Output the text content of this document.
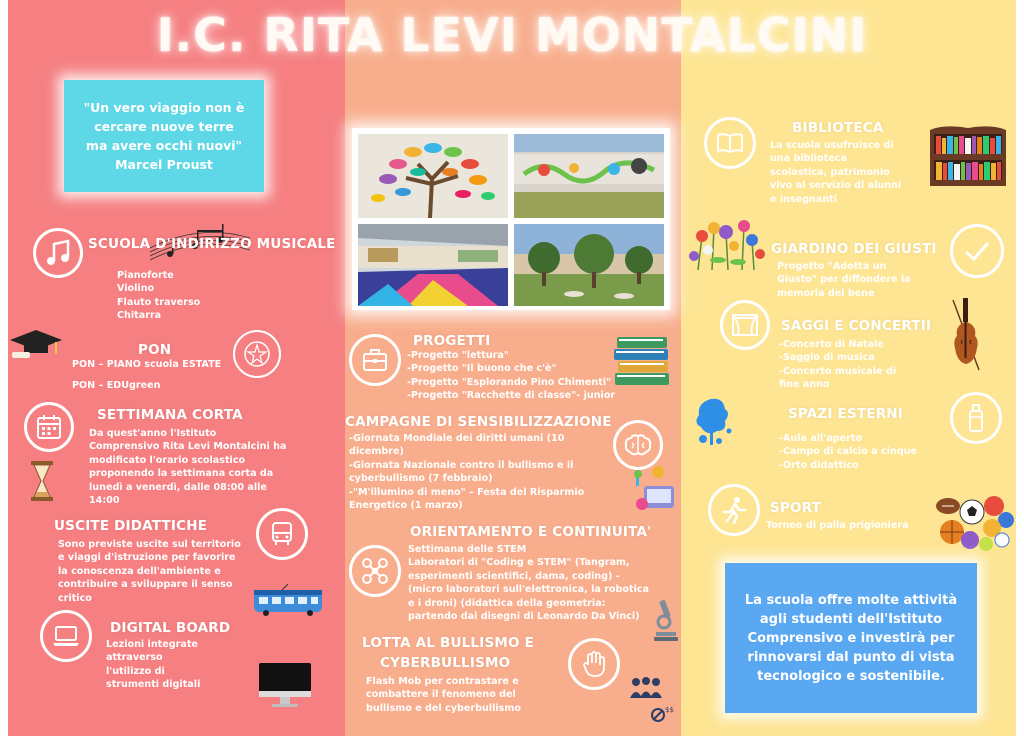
I.C. RITA LEVI MONTALCINI
"Un vero viaggio non è
cercare nuove terre
ma avere occhi nuovi"
Marcel Proust
SCUOLA D'INDIRIZZO MUSICALE
Pianoforte
Violino
Flauto traverso
Chitarra
PON
PON – PIANO scuola ESTATE
PON – EDUgreen
SETTIMANA CORTA
Da quest'anno l'Istituto
Comprensivo Rita Levi Montalcini ha
modificato l'orario scolastico
proponendo la settimana corta da
lunedì a venerdì, dalle 08:00 alle
14:00
USCITE DIDATTICHE
Sono previste uscite sul territorio
e viaggi d'istruzione per favorire
la conoscenza dell'ambiente e
contribuire a sviluppare il senso
critico
DIGITAL BOARD
Lezioni integrate
attraverso
l'utilizzo di
strumenti digitali
PROGETTI
-Progetto "lettura"
-Progetto "Il buono che c'è"
-Progetto "Esplorando Pino Chimenti"
-Progetto "Racchette di classe"- junior
CAMPAGNE DI SENSIBILIZZAZIONE
-Giornata Mondiale dei diritti umani (10
dicembre)
-Giornata Nazionale contro il bullismo e il
cyberbullismo (7 febbraio)
-"M'illumino di meno" – Festa del Risparmio
Energetico (1 marzo)
ORIENTAMENTO E CONTINUITA'
Settimana delle STEM
Laboratori di "Coding e STEM" (Tangram,
esperimenti scientifici, dama, coding) -
(micro laboratori sull'elettronica, la robotica
e i droni) (didattica della geometria:
partendo dai disegni di Leonardo Da Vinci)
LOTTA AL BULLISMO E
CYBERBULLISMO
Flash Mob per contrastare e
combattere il fenomeno del
bullismo e del cyberbullismo	$$
BIBLIOTECA
La scuola usufruisce di
una biblioteca
scolastica, patrimonio
vivo al servizio di alunni
e insegnanti
GIARDINO DEI GIUSTI
Progetto "Adotta un
Giusto" per diffondere la
memoria del bene
SAGGI E CONCERTII
-Concerto di Natale
-Saggio di musica
-Concerto musicale di
fine anno
SPAZI ESTERNI
-Aula all'aperto
-Campo di calcio a cinque
-Orto didattico
SPORT
Torneo di palla prigioniera
La scuola offre molte attività agli studenti dell'Istituto Comprensivo e investirà per rinnovarsi dal punto di vista tecnologico e sostenibile.
